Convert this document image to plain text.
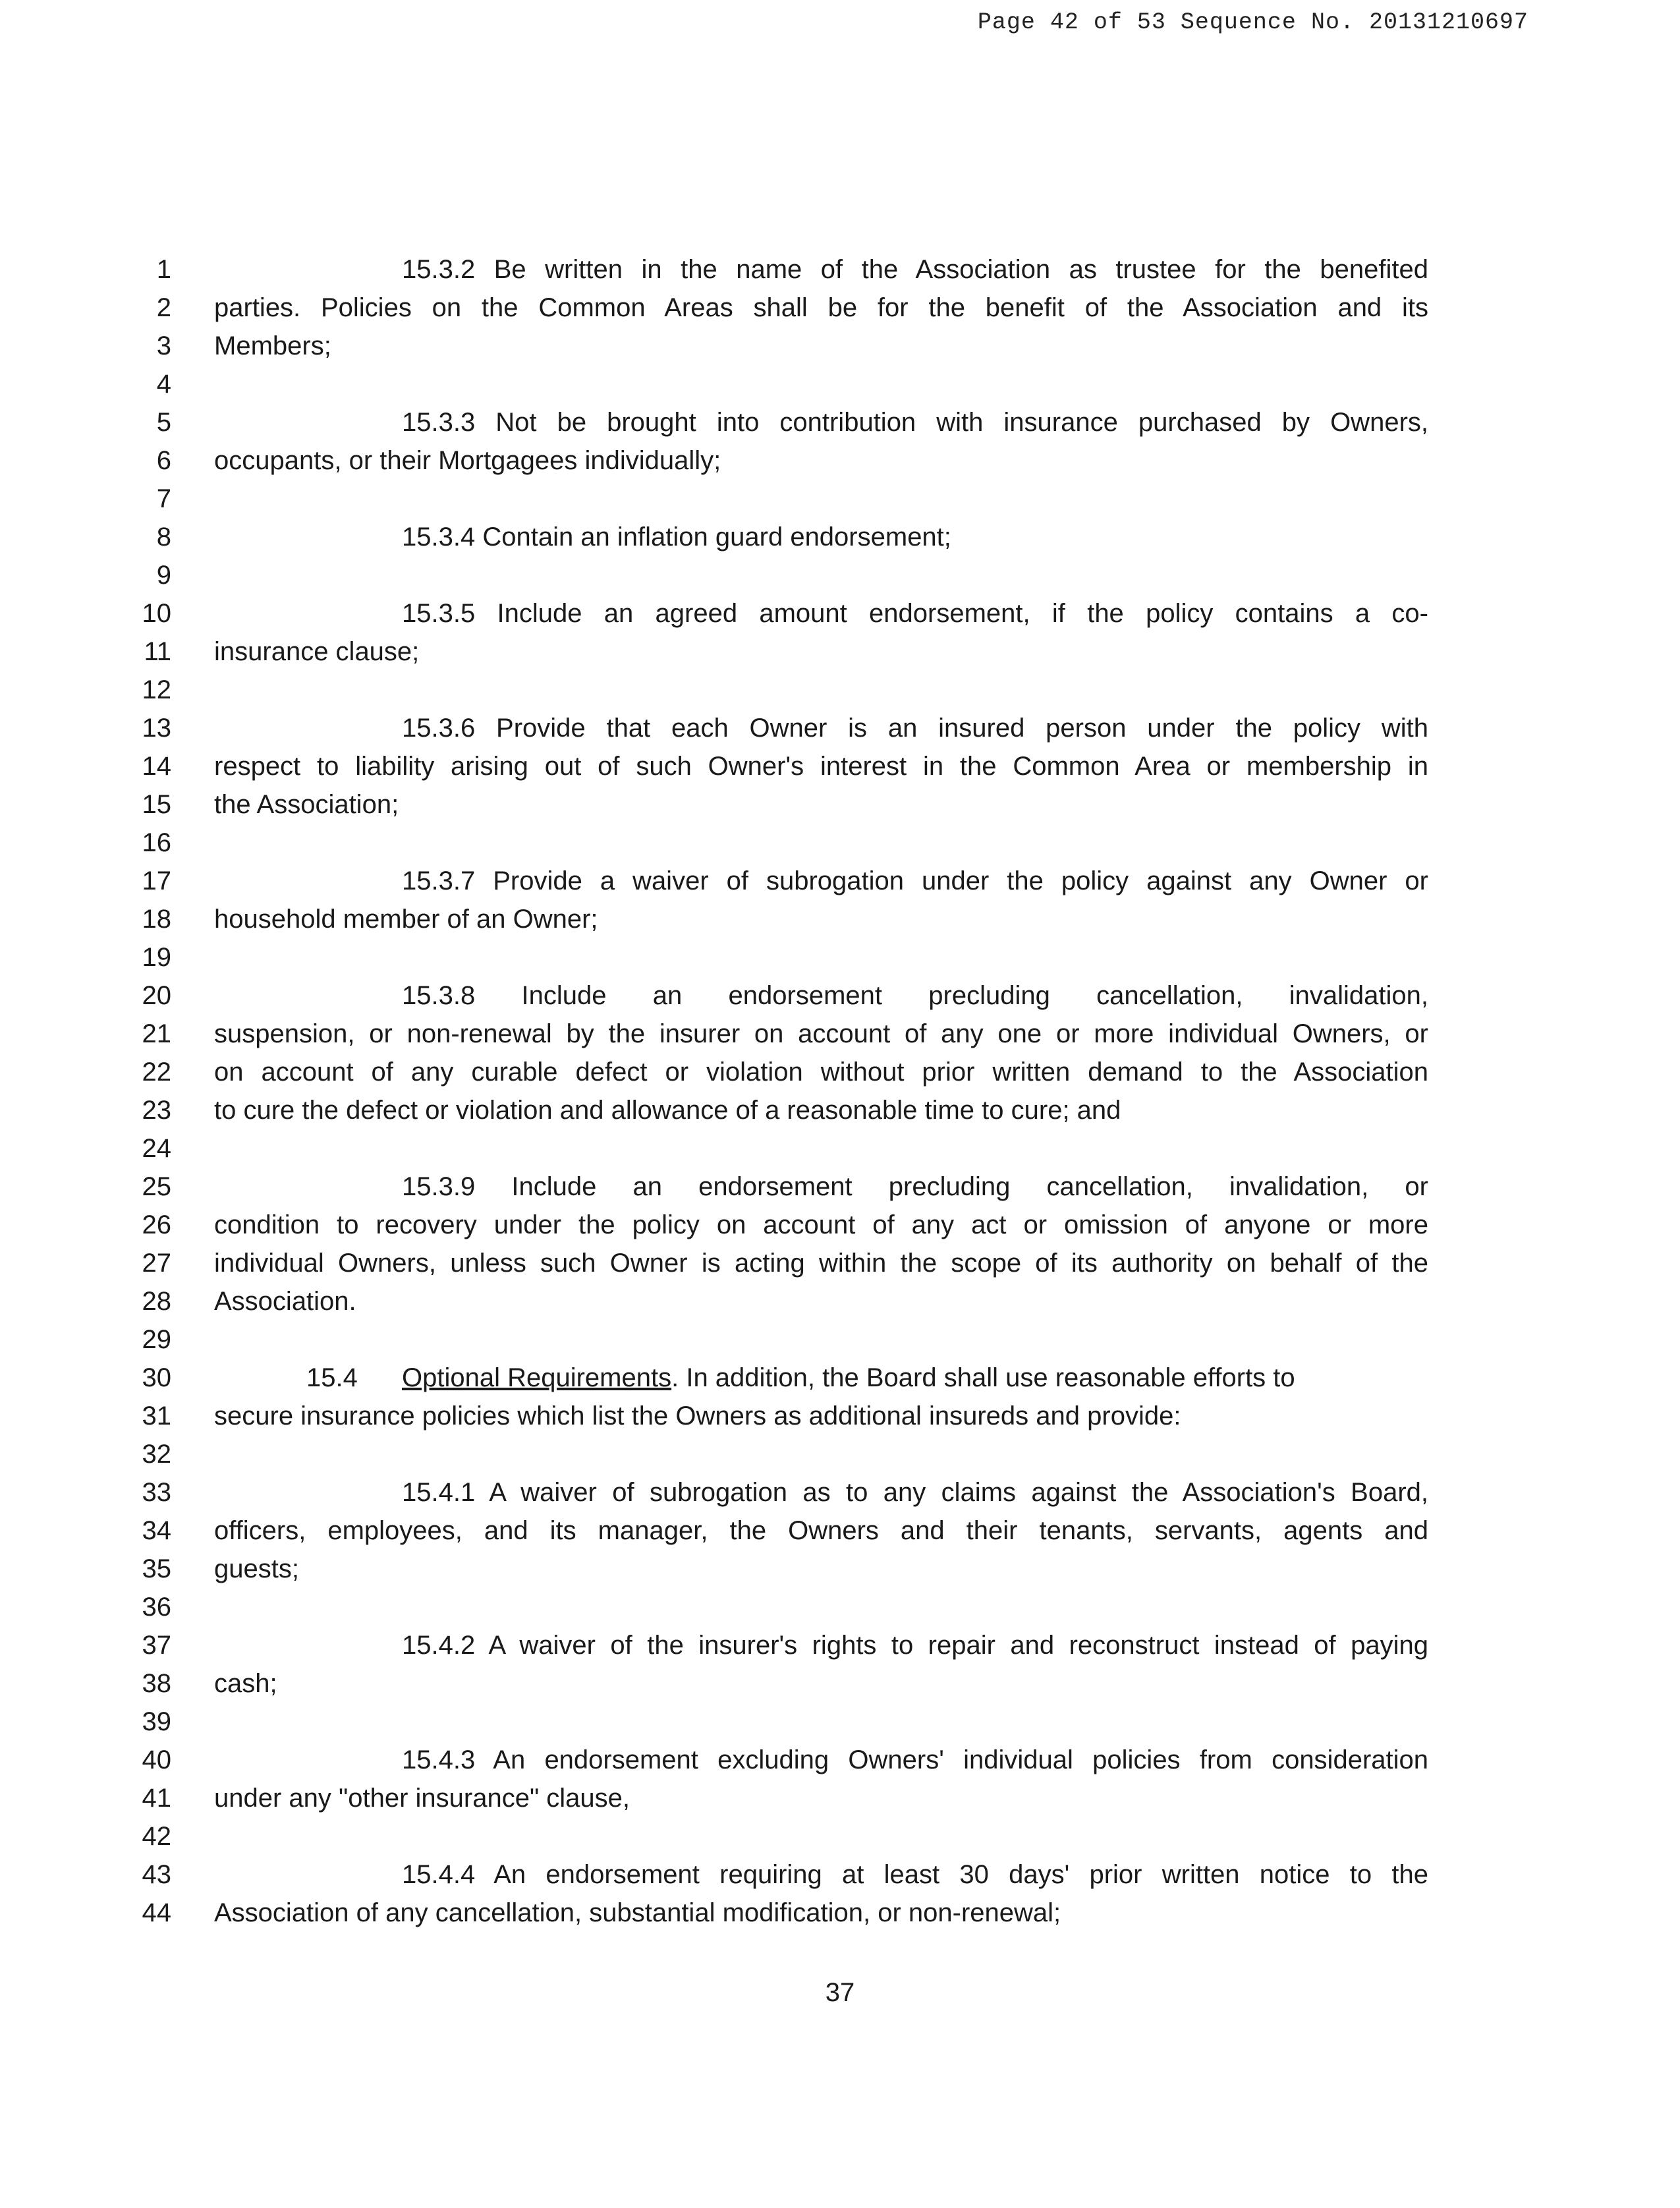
Page 42 of 53 Sequence No. 20131210697
1	15.3.2 Be written in the name of the Association as trustee for the benefited
2 parties. Policies on the Common Areas shall be for the benefit of the Association and its
3 Members;
4
5	15.3.3 Not be brought into contribution with insurance purchased by Owners,
6 occupants, or their Mortgagees individually;
7
8	15.3.4 Contain an inflation guard endorsement;
9
10	15.3.5 Include an agreed amount endorsement, if the policy contains a co-
11 insurance clause;
12
13	15.3.6 Provide that each Owner is an insured person under the policy with
14 respect to liability arising out of such Owner's interest in the Common Area or membership in
15 the Association;
16
17	15.3.7 Provide a waiver of subrogation under the policy against any Owner or
18 household member of an Owner;
19
20	15.3.8 Include an endorsement precluding cancellation, invalidation,
21 suspension, or non-renewal by the insurer on account of any one or more individual Owners, or
22 on account of any curable defect or violation without prior written demand to the Association
23 to cure the defect or violation and allowance of a reasonable time to cure; and
24
25	15.3.9 Include an endorsement precluding cancellation, invalidation, or
26 condition to recovery under the policy on account of any act or omission of anyone or more
27 individual Owners, unless such Owner is acting within the scope of its authority on behalf of the
28 Association.
29
30	15.4 Optional Requirements. In addition, the Board shall use reasonable efforts to
31 secure insurance policies which list the Owners as additional insureds and provide:
32
33	15.4.1 A waiver of subrogation as to any claims against the Association's Board,
34 officers, employees, and its manager, the Owners and their tenants, servants, agents and
35 guests;
36
37	15.4.2 A waiver of the insurer's rights to repair and reconstruct instead of paying
38 cash;
39
40	15.4.3 An endorsement excluding Owners' individual policies from consideration
41 under any "other insurance" clause,
42
43	15.4.4 An endorsement requiring at least 30 days' prior written notice to the
44 Association of any cancellation, substantial modification, or non-renewal;
37
